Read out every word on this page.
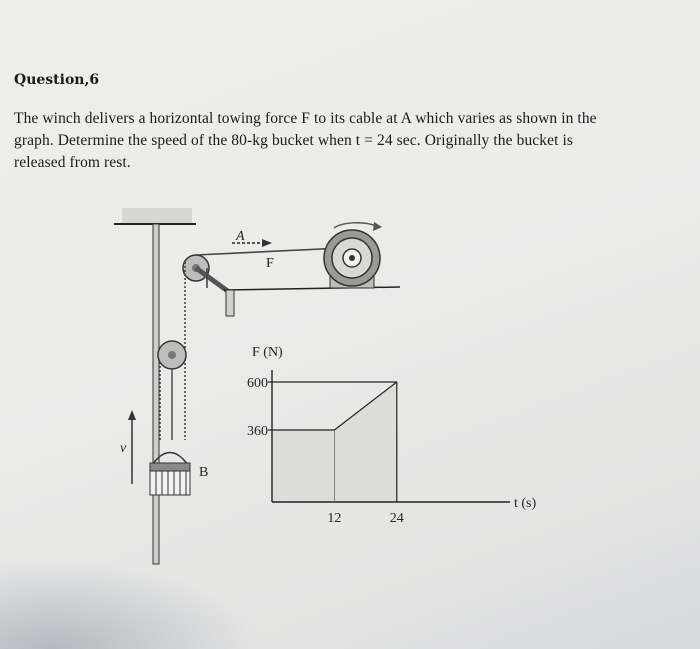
Question,6
The winch delivers a horizontal towing force F to its cable at A which varies as shown in the
graph. Determine the speed of the 80-kg bucket when t = 24 sec. Originally the bucket is
released from rest.
A
F
v
B
F (N)
600
360
12	24
t (s)
